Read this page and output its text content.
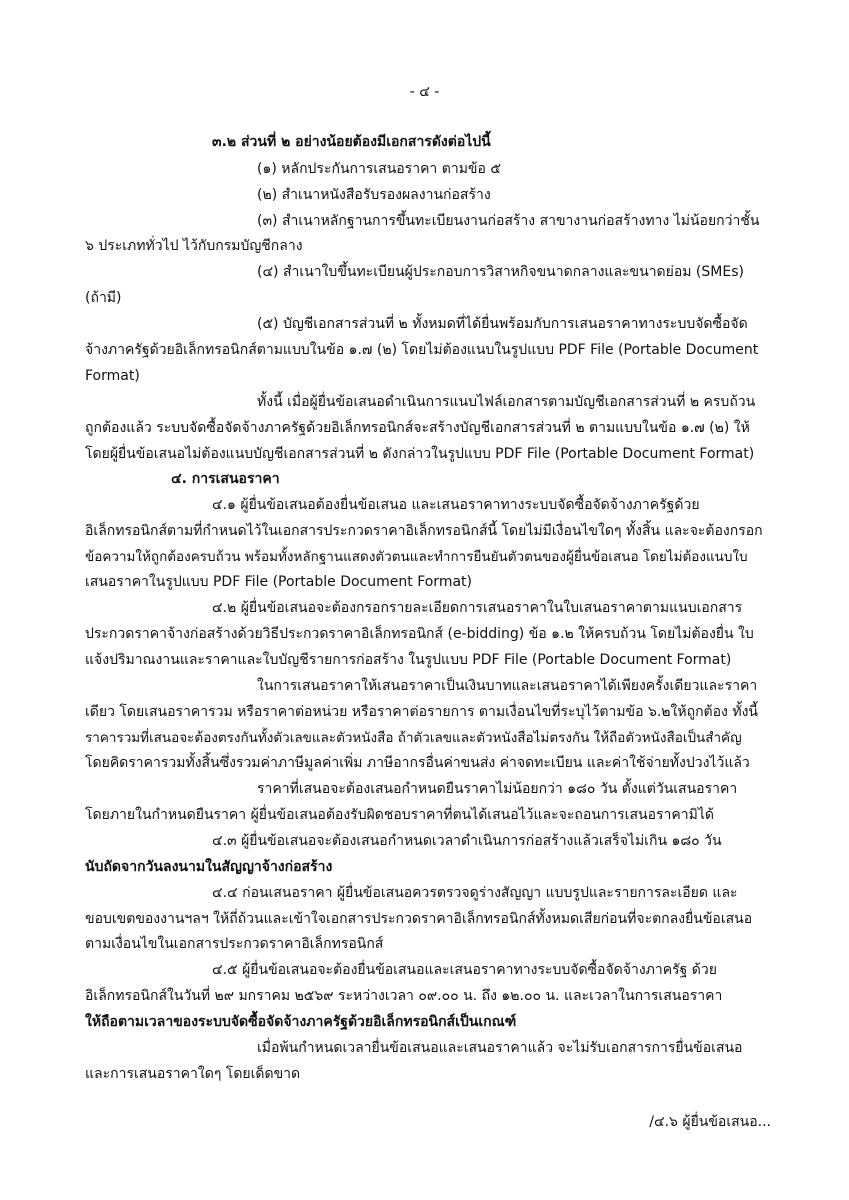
- ๔ -
๓.๒ ส่วนที่ ๒ อย่างน้อยต้องมีเอกสารดังต่อไปนี้
(๑) หลักประกันการเสนอราคา ตามข้อ ๕
(๒) สำเนาหนังสือรับรองผลงานก่อสร้าง
(๓) สำเนาหลักฐานการขึ้นทะเบียนงานก่อสร้าง สาขางานก่อสร้างทาง ไม่น้อยกว่าชั้น
๖ ประเภททั่วไป ไว้กับกรมบัญชีกลาง
(๔) สำเนาใบขึ้นทะเบียนผู้ประกอบการวิสาหกิจขนาดกลางและขนาดย่อม (SMEs)
(ถ้ามี)
(๕) บัญชีเอกสารส่วนที่ ๒ ทั้งหมดที่ได้ยื่นพร้อมกับการเสนอราคาทางระบบจัดซื้อจัด
จ้างภาครัฐด้วยอิเล็กทรอนิกส์ตามแบบในข้อ ๑.๗ (๒) โดยไม่ต้องแนบในรูปแบบ PDF File (Portable Document
Format)
ทั้งนี้ เมื่อผู้ยื่นข้อเสนอดำเนินการแนบไฟล์เอกสารตามบัญชีเอกสารส่วนที่ ๒ ครบถ้วน
ถูกต้องแล้ว ระบบจัดซื้อจัดจ้างภาครัฐด้วยอิเล็กทรอนิกส์จะสร้างบัญชีเอกสารส่วนที่ ๒ ตามแบบในข้อ ๑.๗ (๒) ให้
โดยผู้ยื่นข้อเสนอไม่ต้องแนบบัญชีเอกสารส่วนที่ ๒ ดังกล่าวในรูปแบบ PDF File (Portable Document Format)
๔. การเสนอราคา
๔.๑ ผู้ยื่นข้อเสนอต้องยื่นข้อเสนอ และเสนอราคาทางระบบจัดซื้อจัดจ้างภาครัฐด้วย
อิเล็กทรอนิกส์ตามที่กำหนดไว้ในเอกสารประกวดราคาอิเล็กทรอนิกส์นี้ โดยไม่มีเงื่อนไขใดๆ ทั้งสิ้น และจะต้องกรอก
ข้อความให้ถูกต้องครบถ้วน พร้อมทั้งหลักฐานแสดงตัวตนและทำการยืนยันตัวตนของผู้ยื่นข้อเสนอ โดยไม่ต้องแนบใบ
เสนอราคาในรูปแบบ PDF File (Portable Document Format)
๔.๒ ผู้ยื่นข้อเสนอจะต้องกรอกรายละเอียดการเสนอราคาในใบเสนอราคาตามแนบเอกสาร
ประกวดราคาจ้างก่อสร้างด้วยวิธีประกวดราคาอิเล็กทรอนิกส์ (e-bidding) ข้อ ๑.๒ ให้ครบถ้วน โดยไม่ต้องยื่น ใบ
แจ้งปริมาณงานและราคาและใบบัญชีรายการก่อสร้าง ในรูปแบบ PDF File (Portable Document Format)
ในการเสนอราคาให้เสนอราคาเป็นเงินบาทและเสนอราคาได้เพียงครั้งเดียวและราคา
เดียว โดยเสนอราคารวม หรือราคาต่อหน่วย หรือราคาต่อรายการ ตามเงื่อนไขที่ระบุไว้ตามข้อ ๖.๒ให้ถูกต้อง ทั้งนี้
ราคารวมที่เสนอจะต้องตรงกันทั้งตัวเลขและตัวหนังสือ ถ้าตัวเลขและตัวหนังสือไม่ตรงกัน ให้ถือตัวหนังสือเป็นสำคัญ
โดยคิดราคารวมทั้งสิ้นซึ่งรวมค่าภาษีมูลค่าเพิ่ม ภาษีอากรอื่นค่าขนส่ง ค่าจดทะเบียน และค่าใช้จ่ายทั้งปวงไว้แล้ว
ราคาที่เสนอจะต้องเสนอกำหนดยืนราคาไม่น้อยกว่า ๑๘๐ วัน ตั้งแต่วันเสนอราคา
โดยภายในกำหนดยืนราคา ผู้ยื่นข้อเสนอต้องรับผิดชอบราคาที่ตนได้เสนอไว้และจะถอนการเสนอราคามิได้
๔.๓ ผู้ยื่นข้อเสนอจะต้องเสนอกำหนดเวลาดำเนินการก่อสร้างแล้วเสร็จไม่เกิน ๑๘๐ วัน
นับถัดจากวันลงนามในสัญญาจ้างก่อสร้าง
๔.๔ ก่อนเสนอราคา ผู้ยื่นข้อเสนอควรตรวจดูร่างสัญญา แบบรูปและรายการละเอียด และ
ขอบเขตของงานฯลฯ ให้ถี่ถ้วนและเข้าใจเอกสารประกวดราคาอิเล็กทรอนิกส์ทั้งหมดเสียก่อนที่จะตกลงยื่นข้อเสนอ
ตามเงื่อนไขในเอกสารประกวดราคาอิเล็กทรอนิกส์
๔.๕ ผู้ยื่นข้อเสนอจะต้องยื่นข้อเสนอและเสนอราคาทางระบบจัดซื้อจัดจ้างภาครัฐ ด้วย
อิเล็กทรอนิกส์ในวันที่ ๒๙ มกราคม ๒๕๖๙ ระหว่างเวลา ๐๙.๐๐ น. ถึง ๑๒.๐๐ น. และเวลาในการเสนอราคา
ให้ถือตามเวลาของระบบจัดซื้อจัดจ้างภาครัฐด้วยอิเล็กทรอนิกส์เป็นเกณฑ์
เมื่อพ้นกำหนดเวลายื่นข้อเสนอและเสนอราคาแล้ว จะไม่รับเอกสารการยื่นข้อเสนอ
และการเสนอราคาใดๆ โดยเด็ดขาด
/๔.๖ ผู้ยื่นข้อเสนอ...
